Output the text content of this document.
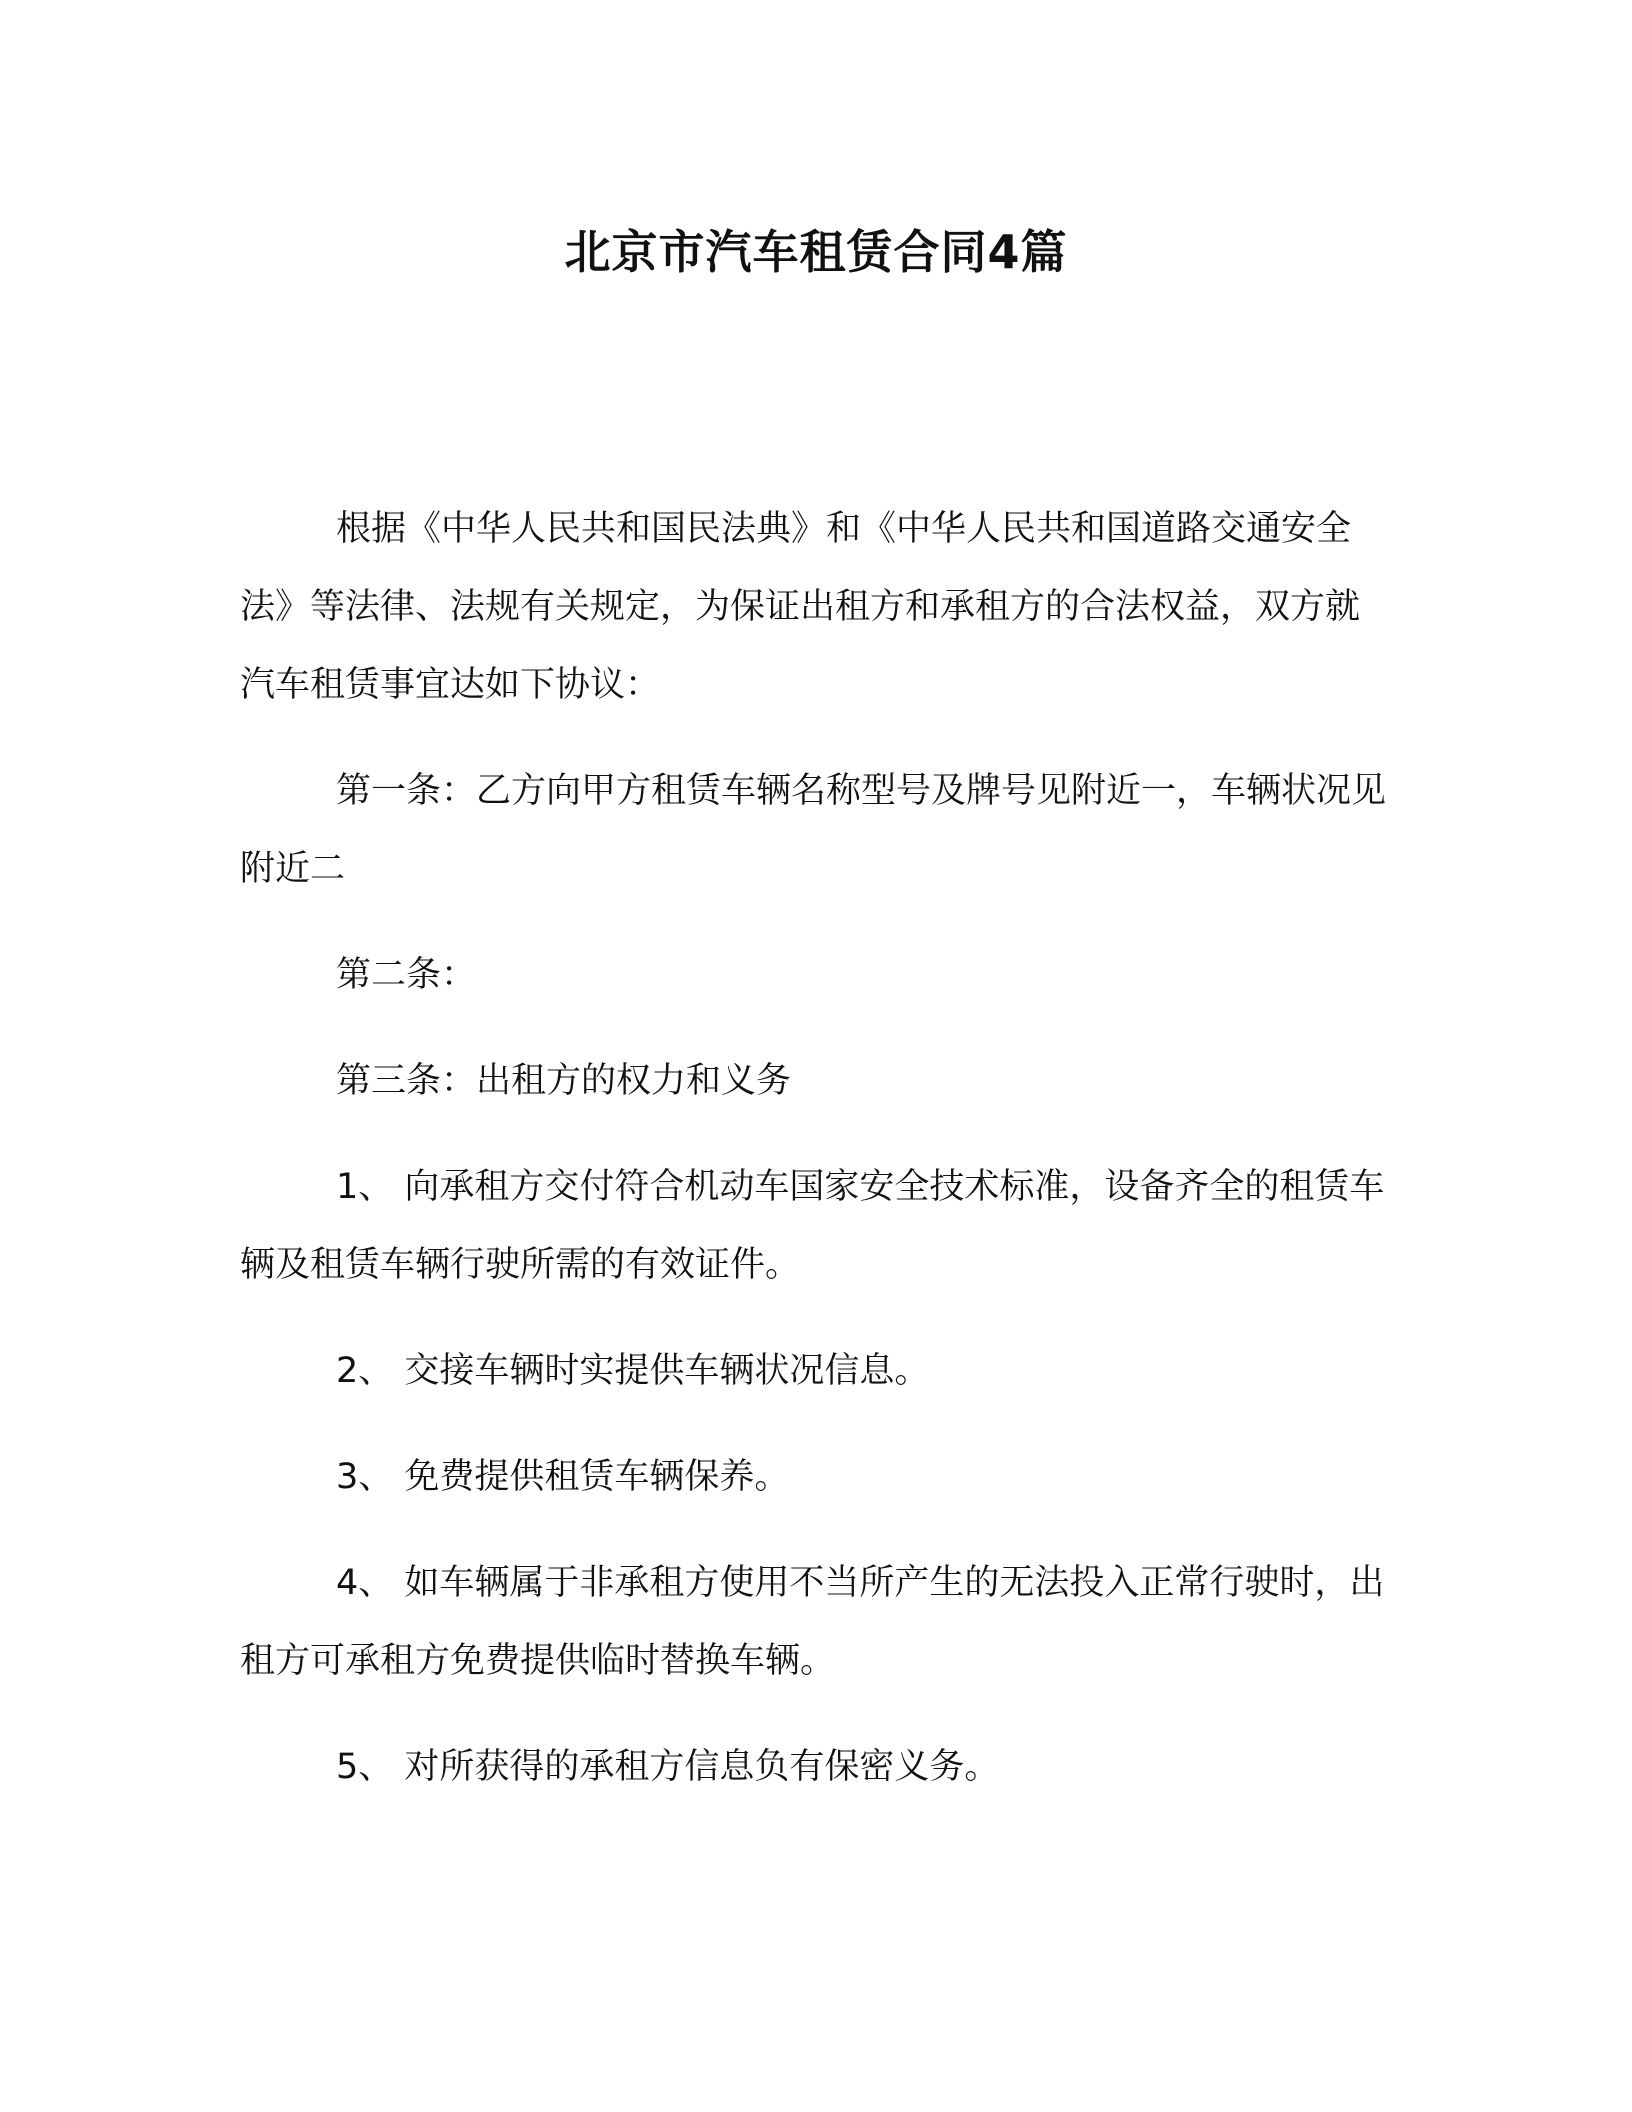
北京市汽车租赁合同4篇

根据《中华人民共和国民法典》和《中华人民共和国道路交通安全法》等法律、法规有关规定，为保证出租方和承租方的合法权益，双方就汽车租赁事宜达如下协议：

第一条：乙方向甲方租赁车辆名称型号及牌号见附近一，车辆状况见附近二

第二条：

第三条：出租方的权力和义务

1、 向承租方交付符合机动车国家安全技术标准，设备齐全的租赁车辆及租赁车辆行驶所需的有效证件。

2、 交接车辆时实提供车辆状况信息。

3、 免费提供租赁车辆保养。

4、 如车辆属于非承租方使用不当所产生的无法投入正常行驶时，出租方可承租方免费提供临时替换车辆。

5、 对所获得的承租方信息负有保密义务。
